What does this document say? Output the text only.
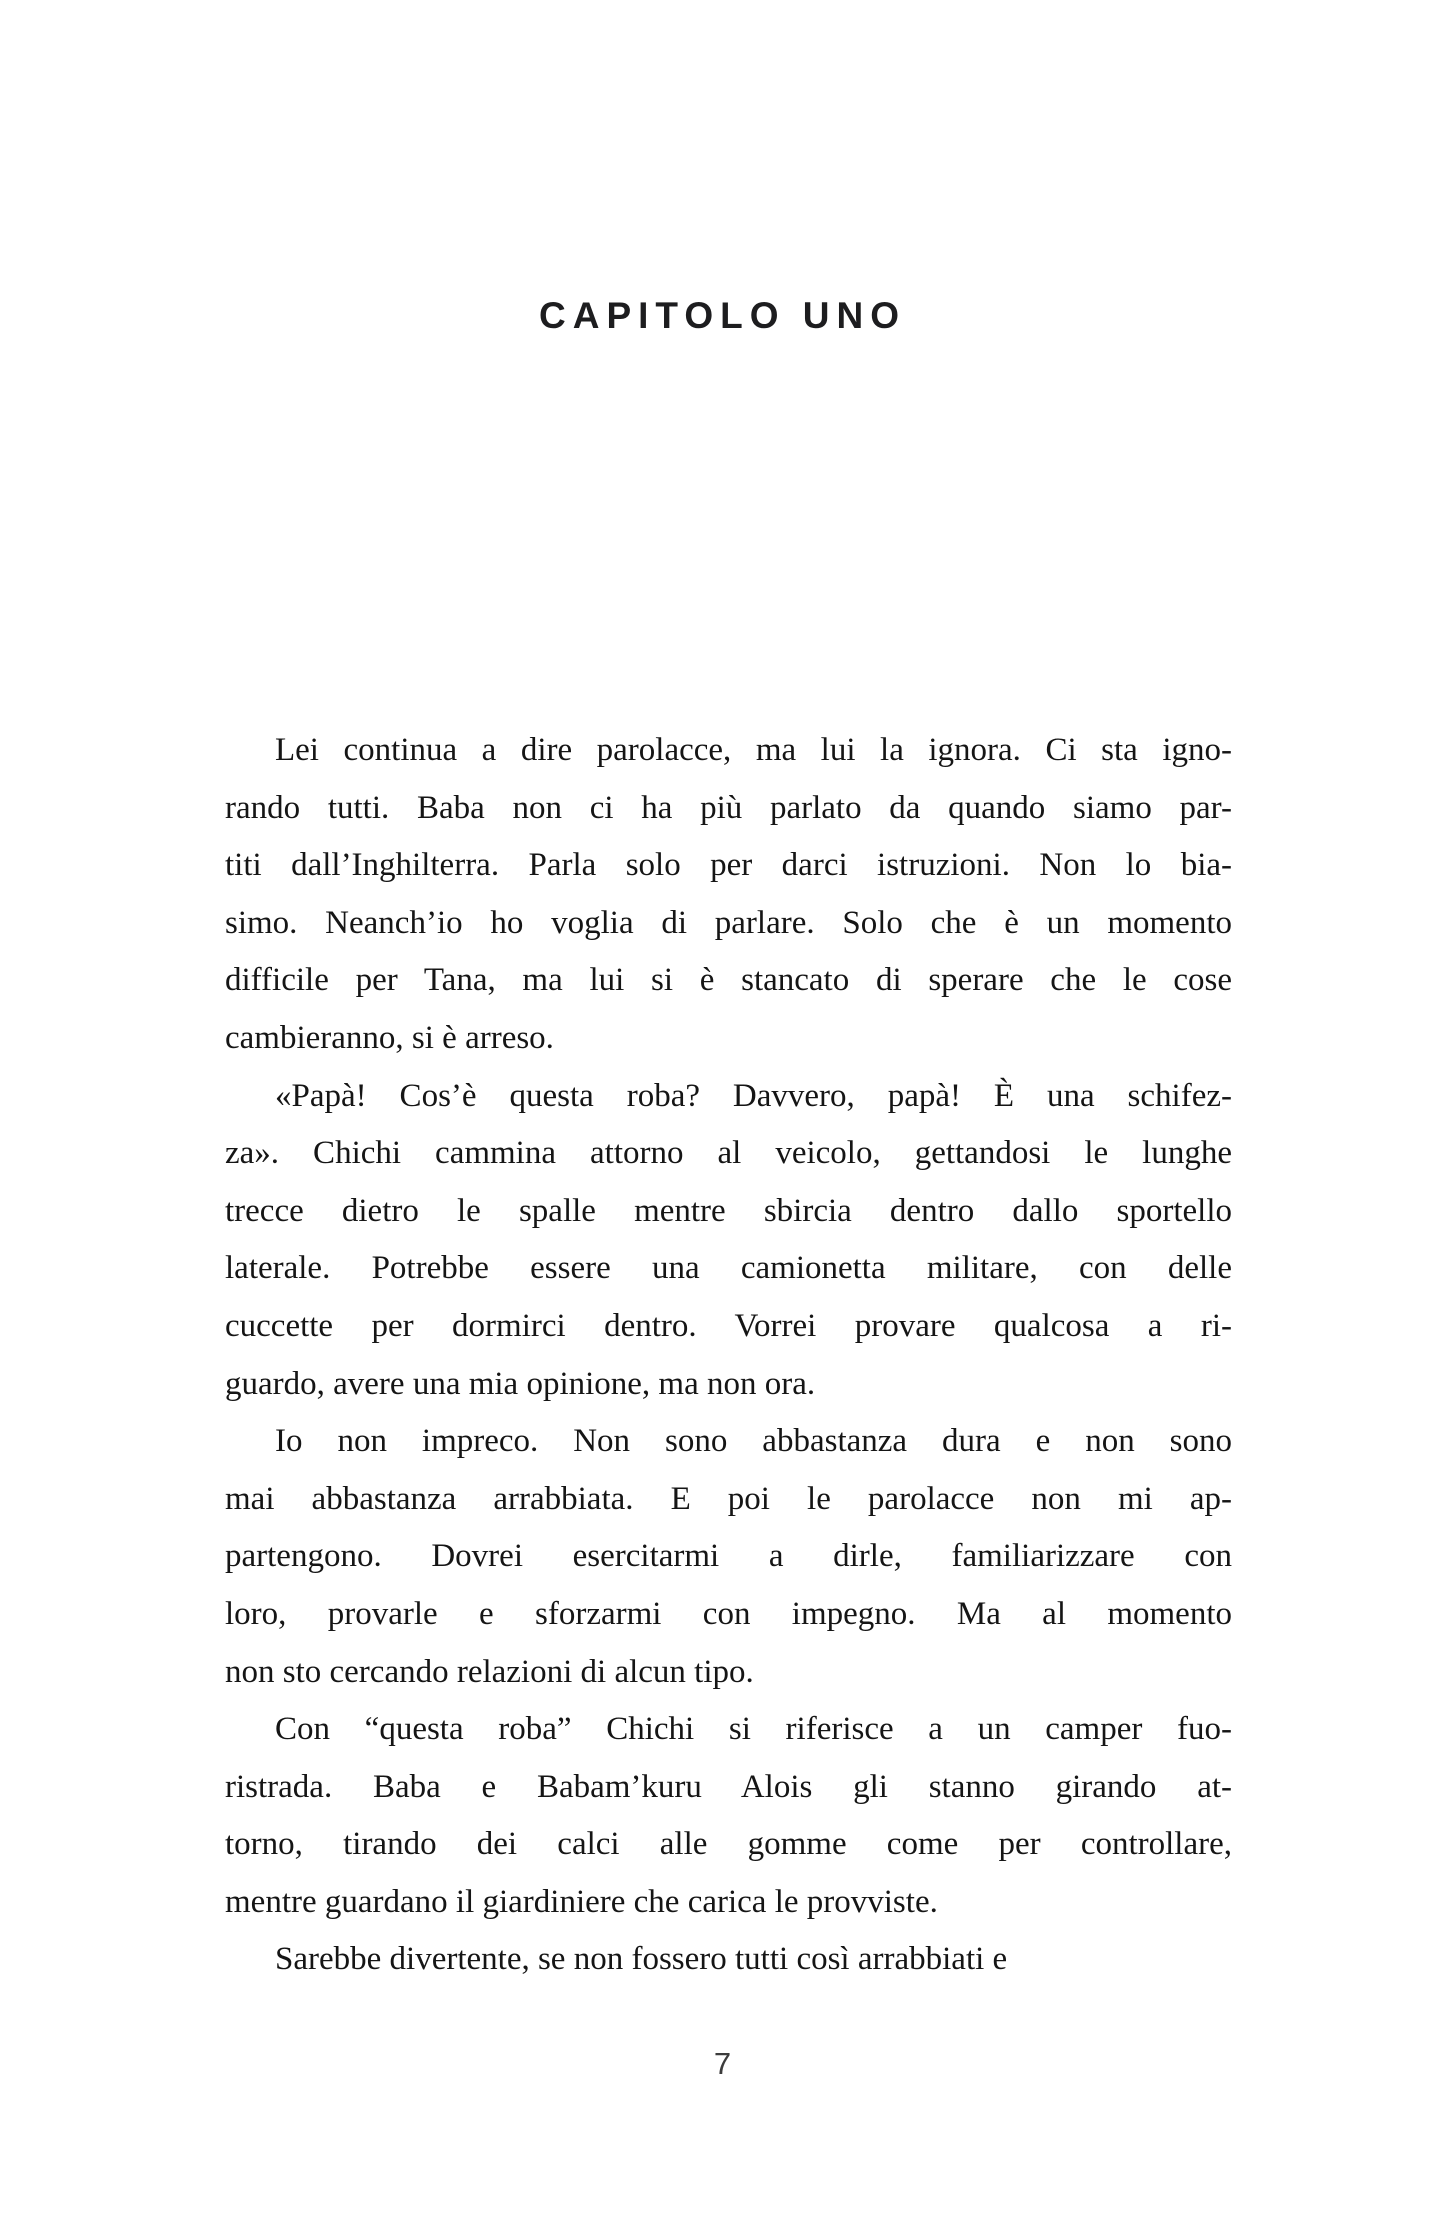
CAPITOLO UNO
Lei continua a dire parolacce, ma lui la ignora. Ci sta igno-
rando tutti. Baba non ci ha più parlato da quando siamo par-
titi dall’Inghilterra. Parla solo per darci istruzioni. Non lo bia-
simo. Neanch’io ho voglia di parlare. Solo che è un momento
difficile per Tana, ma lui si è stancato di sperare che le cose
cambieranno, si è arreso.
«Papà! Cos’è questa roba? Davvero, papà! È una schifez-
za». Chichi cammina attorno al veicolo, gettandosi le lunghe
trecce dietro le spalle mentre sbircia dentro dallo sportello
laterale. Potrebbe essere una camionetta militare, con delle
cuccette per dormirci dentro. Vorrei provare qualcosa a ri-
guardo, avere una mia opinione, ma non ora.
Io non impreco. Non sono abbastanza dura e non sono
mai abbastanza arrabbiata. E poi le parolacce non mi ap-
partengono. Dovrei esercitarmi a dirle, familiarizzare con
loro, provarle e sforzarmi con impegno. Ma al momento
non sto cercando relazioni di alcun tipo.
Con “questa roba” Chichi si riferisce a un camper fuo-
ristrada. Baba e Babam’kuru Alois gli stanno girando at-
torno, tirando dei calci alle gomme come per controllare,
mentre guardano il giardiniere che carica le provviste.
Sarebbe divertente, se non fossero tutti così arrabbiati e
7
